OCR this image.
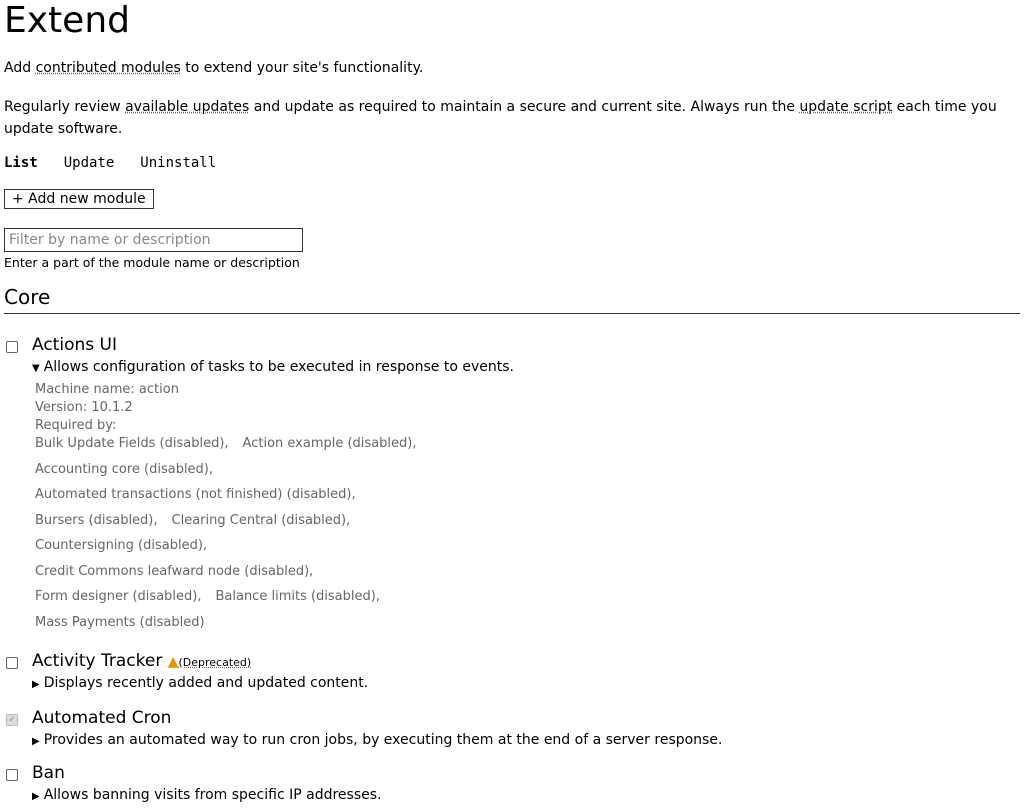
Extend

Add contributed modules to extend your site's functionality.

Regularly review available updates and update as required to maintain a secure and current site. Always run the update script each time you update software.

List Update Uninstall
+ Add new module
Filter by name or description
Enter a part of the module name or description
Core
Actions UI
▼ Allows configuration of tasks to be executed in response to events.
Machine name: action
Version: 10.1.2
Required by:
Bulk Update Fields (disabled), Action example (disabled),
Accounting core (disabled),
Automated transactions (not finished) (disabled),
Bursers (disabled), Clearing Central (disabled),
Countersigning (disabled),
Credit Commons leafward node (disabled),
Form designer (disabled), Balance limits (disabled),
Mass Payments (disabled)
Activity Tracker ▲(Deprecated)
▶ Displays recently added and updated content.
✓ Automated Cron
▶ Provides an automated way to run cron jobs, by executing them at the end of a server response.
Ban
▶ Allows banning visits from specific IP addresses.
